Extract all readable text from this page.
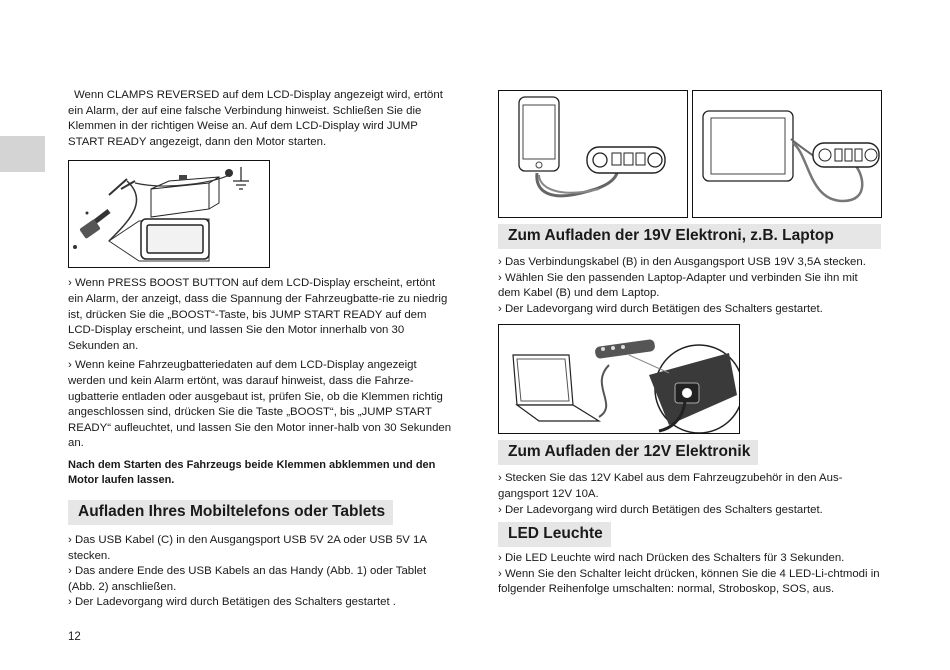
Wenn CLAMPS REVERSED auf dem LCD-Display angezeigt wird, ertönt ein Alarm, der auf eine falsche Verbindung hinweist. Schließen Sie die Klemmen in der richtigen Weise an. Auf dem LCD-Display wird JUMP START READY angezeigt, dann den Motor starten.

› Wenn PRESS BOOST BUTTON auf dem LCD-Display erscheint, ertönt ein Alarm, der anzeigt, dass die Spannung der Fahrzeugbatte-rie zu niedrig ist, drücken Sie die „BOOST“-Taste, bis JUMP START READY auf dem LCD-Display erscheint, und lassen Sie den Motor innerhalb von 30 Sekunden an.

› Wenn keine Fahrzeugbatteriedaten auf dem LCD-Display angezeigt werden und kein Alarm ertönt, was darauf hinweist, dass die Fahrze-ugbatterie entladen oder ausgebaut ist, prüfen Sie, ob die Klemmen richtig angeschlossen sind, drücken Sie die Taste „BOOST“, bis „JUMP START READY“ aufleuchtet, und lassen Sie den Motor inner-halb von 30 Sekunden an.

Nach dem Starten des Fahrzeugs beide Klemmen abklemmen und den Motor laufen lassen.

Aufladen Ihres Mobiltelefons oder Tablets

› Das USB Kabel (C) in den Ausgangsport USB 5V 2A oder USB 5V 1A stecken.

› Das andere Ende des USB Kabels an das Handy (Abb. 1) oder Tablet (Abb. 2) anschließen.

› Der Ladevorgang wird durch Betätigen des Schalters gestartet .

Zum Aufladen der 19V Elektroni, z.B. Laptop

› Das Verbindungskabel (B) in den Ausgangsport USB 19V 3,5A stecken.

› Wählen Sie den passenden Laptop-Adapter und verbinden Sie ihn mit dem Kabel (B) und dem Laptop.

› Der Ladevorgang wird durch Betätigen des Schalters gestartet.

Zum Aufladen der 12V Elektronik

› Stecken Sie das 12V Kabel aus dem Fahrzeugzubehör in den Aus-gangsport 12V 10A.

› Der Ladevorgang wird durch Betätigen des Schalters gestartet.

LED Leuchte

› Die LED Leuchte wird nach Drücken des Schalters für 3 Sekunden.

› Wenn Sie den Schalter leicht drücken, können Sie die 4 LED-Li-chtmodi in folgender Reihenfolge umschalten: normal, Stroboskop, SOS, aus.

12
